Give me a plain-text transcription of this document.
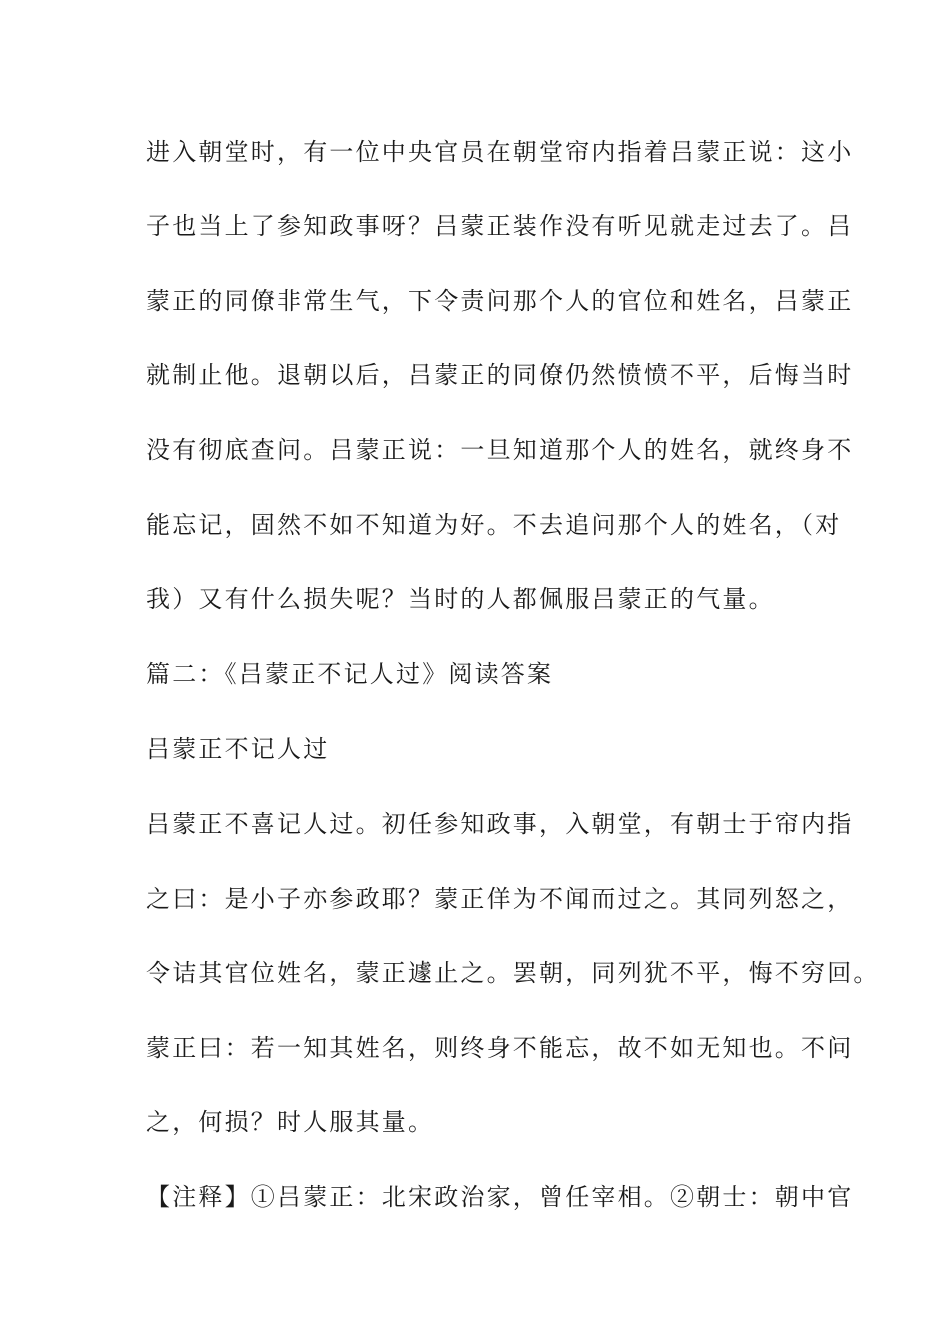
进入朝堂时，有一位中央官员在朝堂帘内指着吕蒙正说：这小
子也当上了参知政事呀？吕蒙正装作没有听见就走过去了。吕
蒙正的同僚非常生气，下令责问那个人的官位和姓名，吕蒙正
就制止他。退朝以后，吕蒙正的同僚仍然愤愤不平，后悔当时
没有彻底查问。吕蒙正说：一旦知道那个人的姓名，就终身不
能忘记，固然不如不知道为好。不去追问那个人的姓名，（对
我）又有什么损失呢？当时的人都佩服吕蒙正的气量。
篇二：《吕蒙正不记人过》阅读答案
吕蒙正不记人过
吕蒙正不喜记人过。初任参知政事，入朝堂，有朝士于帘内指
之曰：是小子亦参政耶？蒙正佯为不闻而过之。其同列怒之，
令诘其官位姓名，蒙正遽止之。罢朝，同列犹不平，悔不穷回。
蒙正曰：若一知其姓名，则终身不能忘，故不如无知也。不问
之，何损？时人服其量。
【注释】①吕蒙正：北宋政治家，曾任宰相。②朝士：朝中官
